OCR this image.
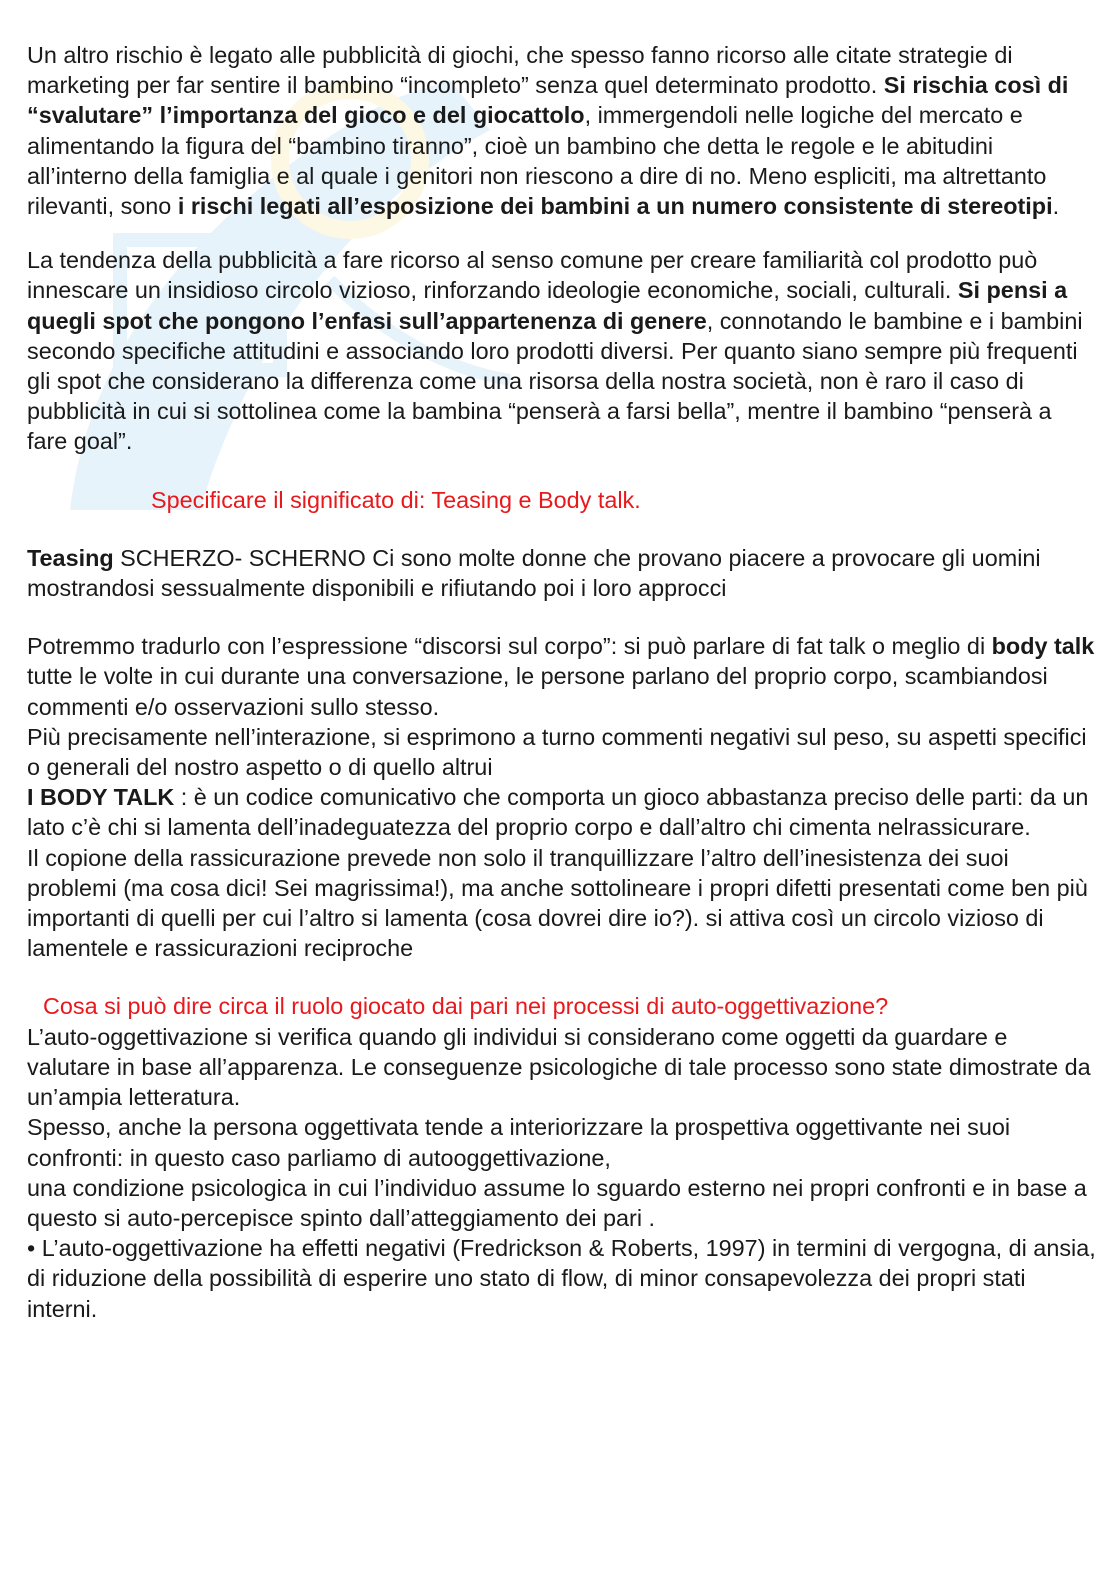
Un altro rischio è legato alle pubblicità di giochi, che spesso fanno ricorso alle citate strategie di marketing per far sentire il bambino “incompleto” senza quel determinato prodotto. Si rischia così di “svalutare” l’importanza del gioco e del giocattolo, immergendoli nelle logiche del mercato e alimentando la figura del “bambino tiranno”, cioè un bambino che detta le regole e le abitudini all’interno della famiglia e al quale i genitori non riescono a dire di no. Meno espliciti, ma altrettanto rilevanti, sono i rischi legati all’esposizione dei bambini a un numero consistente di stereotipi.

La tendenza della pubblicità a fare ricorso al senso comune per creare familiarità col prodotto può innescare un insidioso circolo vizioso, rinforzando ideologie economiche, sociali, culturali. Si pensi a quegli spot che pongono l’enfasi sull’appartenenza di genere, connotando le bambine e i bambini secondo specifiche attitudini e associando loro prodotti diversi. Per quanto siano sempre più frequenti gli spot che considerano la differenza come una risorsa della nostra società, non è raro il caso di pubblicità in cui si sottolinea come la bambina “penserà a farsi bella”, mentre il bambino “penserà a fare goal”.

Specificare il significato di: Teasing e Body talk.

Teasing SCHERZO- SCHERNO Ci sono molte donne che provano piacere a provocare gli uomini mostrandosi sessualmente disponibili e rifiutando poi i loro approcci

Potremmo tradurlo con l’espressione “discorsi sul corpo”: si può parlare di fat talk o meglio di body talk tutte le volte in cui durante una conversazione, le persone parlano del proprio corpo, scambiandosi commenti e/o osservazioni sullo stesso.

Più precisamente nell’interazione, si esprimono a turno commenti negativi sul peso, su aspetti specifici o generali del nostro aspetto o di quello altrui

I BODY TALK : è un codice comunicativo che comporta un gioco abbastanza preciso delle parti: da un lato c’è chi si lamenta dell’inadeguatezza del proprio corpo e dall’altro chi cimenta nelrassicurare.

Il copione della rassicurazione prevede non solo il tranquillizzare l’altro dell’inesistenza dei suoi problemi (ma cosa dici! Sei magrissima!), ma anche sottolineare i propri difetti presentati come ben più importanti di quelli per cui l’altro si lamenta (cosa dovrei dire io?). si attiva così un circolo vizioso di lamentele e rassicurazioni reciproche

Cosa si può dire circa il ruolo giocato dai pari nei processi di auto-oggettivazione?

L’auto-oggettivazione si verifica quando gli individui si considerano come oggetti da guardare e valutare in base all’apparenza. Le conseguenze psicologiche di tale processo sono state dimostrate da un’ampia letteratura.

Spesso, anche la persona oggettivata tende a interiorizzare la prospettiva oggettivante nei suoi confronti: in questo caso parliamo di autooggettivazione,

una condizione psicologica in cui l’individuo assume lo sguardo esterno nei propri confronti e in base a questo si auto-percepisce spinto dall’atteggiamento dei pari .

• L’auto-oggettivazione ha effetti negativi (Fredrickson & Roberts, 1997) in termini di vergogna, di ansia, di riduzione della possibilità di esperire uno stato di flow, di minor consapevolezza dei propri stati interni.
